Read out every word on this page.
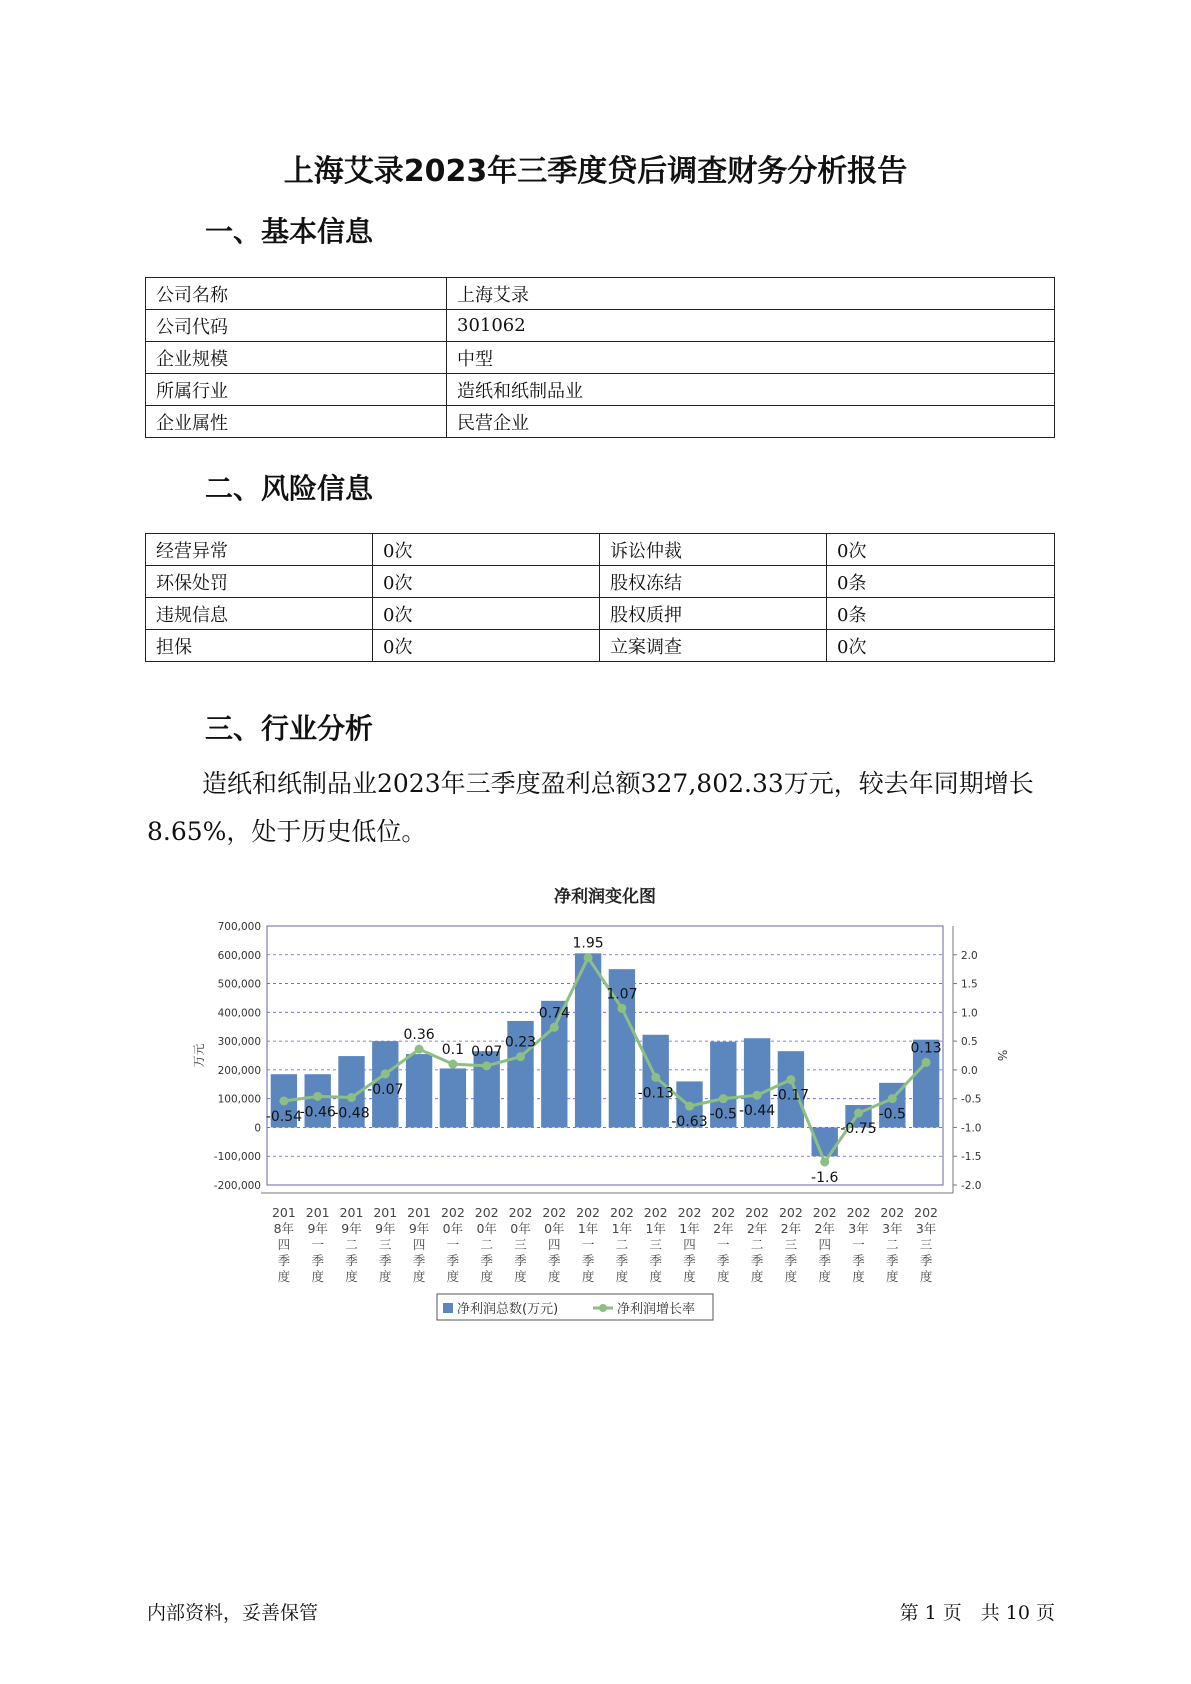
上海艾录2023年三季度贷后调查财务分析报告
一、基本信息
公司名称	上海艾录
公司代码	301062
企业规模	中型
所属行业	造纸和纸制品业
企业属性	民营企业
二、风险信息
经营异常	0次	诉讼仲裁	0次
环保处罚	0次	股权冻结	0条
违规信息	0次	股权质押	0条
担保	0次	立案调查	0次
三、行业分析
造纸和纸制品业2023年三季度盈利总额327,802.33万元，较去年同期增长8.65%，处于历史低位。
净利润变化图
700,000
600,000
500,000
400,000
300,000
200,000
100,000
0
-100,000
-200,000
2.0
1.5
1.0
0.5
0.0
-0.5
-1.0
-1.5
-2.0
万元	%
-0.54
-0.46
-0.48
-0.07
0.36
0.1 0.07
0.23
0.74
1.95
1.07
-0.13
-0.63 -0.5 -0.44
-0.17
-1.6
-0.75
-0.5
0.13
201 8年四季度
201 9年一季度
201 9年二季度
201 9年三季度
201 9年四季度
202 0年一季度
202 0年二季度
202 0年三季度
202 0年四季度
202 1年一季度
202 1年二季度
202 1年三季度
202 1年四季度
202 2年一季度
202 2年二季度
202 2年三季度
202 2年四季度
202 3年一季度
202 3年二季度
202 3年三季度
净利润总数(万元)	净利润增长率
内部资料，妥善保管	第 1 页　共 10 页
